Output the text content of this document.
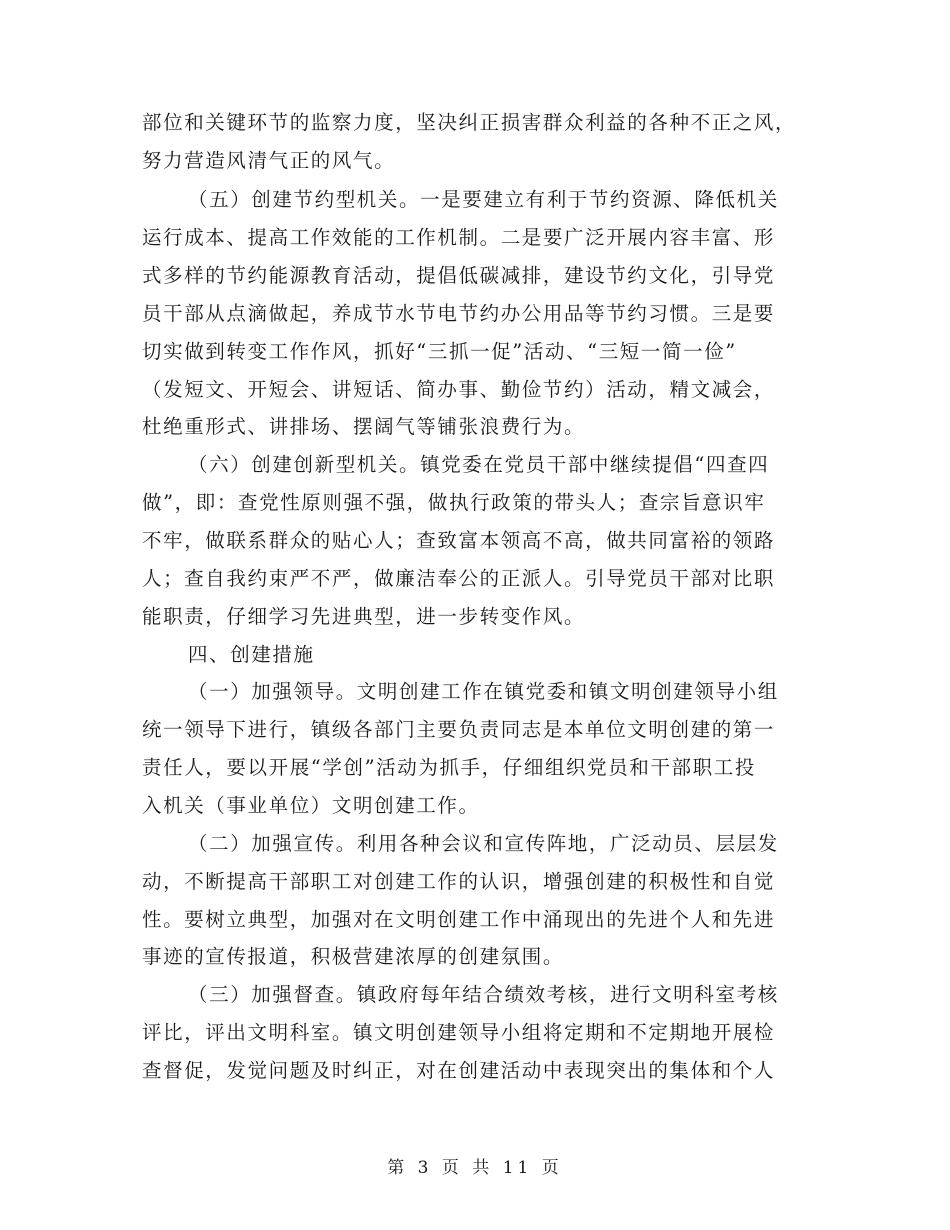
部位和关键环节的监察力度，坚决纠正损害群众利益的各种不正之风，
努力营造风清气正的风气。
（五）创建节约型机关。一是要建立有利于节约资源、降低机关
运行成本、提高工作效能的工作机制。二是要广泛开展内容丰富、形
式多样的节约能源教育活动，提倡低碳减排，建设节约文化，引导党
员干部从点滴做起，养成节水节电节约办公用品等节约习惯。三是要
切实做到转变工作作风，抓好“三抓一促”活动、“三短一简一俭”
（发短文、开短会、讲短话、简办事、勤俭节约）活动，精文减会，
杜绝重形式、讲排场、摆阔气等铺张浪费行为。
（六）创建创新型机关。镇党委在党员干部中继续提倡“四查四
做”，即：查党性原则强不强，做执行政策的带头人；查宗旨意识牢
不牢，做联系群众的贴心人；查致富本领高不高，做共同富裕的领路
人；查自我约束严不严，做廉洁奉公的正派人。引导党员干部对比职
能职责，仔细学习先进典型，进一步转变作风。
四、创建措施
（一）加强领导。文明创建工作在镇党委和镇文明创建领导小组
统一领导下进行，镇级各部门主要负责同志是本单位文明创建的第一
责任人，要以开展“学创”活动为抓手，仔细组织党员和干部职工投
入机关（事业单位）文明创建工作。
（二）加强宣传。利用各种会议和宣传阵地，广泛动员、层层发
动，不断提高干部职工对创建工作的认识，增强创建的积极性和自觉
性。要树立典型，加强对在文明创建工作中涌现出的先进个人和先进
事迹的宣传报道，积极营建浓厚的创建氛围。
（三）加强督查。镇政府每年结合绩效考核，进行文明科室考核
评比，评出文明科室。镇文明创建领导小组将定期和不定期地开展检
查督促，发觉问题及时纠正，对在创建活动中表现突出的集体和个人
第 3 页 共 11 页
